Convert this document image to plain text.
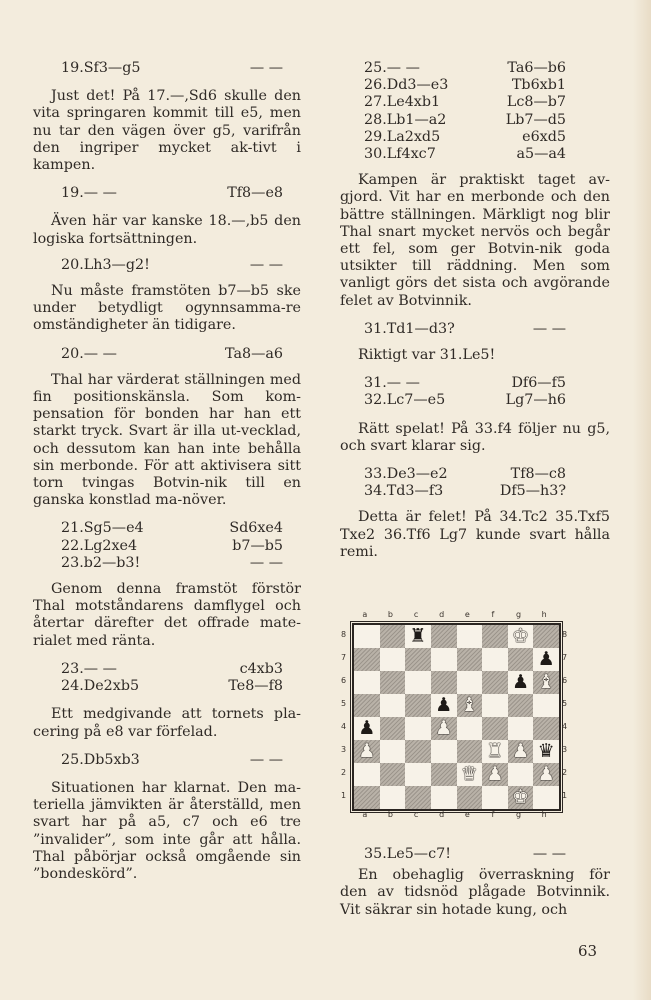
19.Sf3—g5	— —

Just det! På 17.—,Sd6 skulle den vita springaren kommit till e5, men nu tar den vägen över g5, varifrån den ingriper mycket ak-tivt i kampen.

19.— —	Tf8—e8

Även här var kanske 18.—,b5 den logiska fortsättningen.

20.Lh3—g2!	— —

Nu måste framstöten b7—b5 ske under betydligt ogynnsamma-re omständigheter än tidigare.

20.— —	Ta8—a6

Thal har värderat ställningen med fin positionskänsla. Som kom-pensation för bonden har han ett starkt tryck. Svart är illa ut-vecklad, och dessutom kan han inte behålla sin merbonde. För att aktivisera sitt torn tvingas Botvin-nik till en ganska konstlad ma-növer.

21.Sg5—e4	Sd6xe4
22.Lg2xe4	b7—b5
23.b2—b3!	— —

Genom denna framstöt förstör Thal motståndarens damflygel och återtar därefter det offrade mate-rialet med ränta.

23.— —	c4xb3
24.De2xb5	Te8—f8

Ett medgivande att tornets pla-cering på e8 var förfelad.

25.Db5xb3	— —

Situationen har klarnat. Den ma-teriella jämvikten är återställd, men svart har på a5, c7 och e6 tre ”invalider”, som inte går att hålla. Thal påbörjar också omgående sin ”bondeskörd”.

25.— —	Ta6—b6
26.Dd3—e3	Tb6xb1
27.Le4xb1	Lc8—b7
28.Lb1—a2	Lb7—d5
29.La2xd5	e6xd5
30.Lf4xc7	a5—a4

Kampen är praktiskt taget av-gjord. Vit har en merbonde och den bättre ställningen. Märkligt nog blir Thal snart mycket nervös och begår ett fel, som ger Botvin-nik goda utsikter till räddning. Men som vanligt görs det sista och avgörande felet av Botvinnik.

31.Td1—d3?	— —

Riktigt var 31.Le5!

31.— —	Df6—f5
32.Lc7—e5	Lg7—h6

Rätt spelat! På 33.f4 följer nu g5, och svart klarar sig.

33.De3—e2	Tf8—c8
34.Td3—f3	Df5—h3?

Detta är felet! På 34.Tc2 35.Txf5 Txe2 36.Tf6 Lg7 kunde svart hålla remi.

a	b	c	d	e	f	g	h
8
7
6
5
4
3
2
1
♜	♚
♟
♟ ♝
♟ ♝
♟	♟
♟	♜ ♟ ♛
♛ ♟ ♟
♚
8
7
6
5
4
3
2
1
a	b	c	d	e	f	g	h
35.Le5—c7!	— —

En obehaglig överraskning för den av tidsnöd plågade Botvinnik. Vit säkrar sin hotade kung, och

63
